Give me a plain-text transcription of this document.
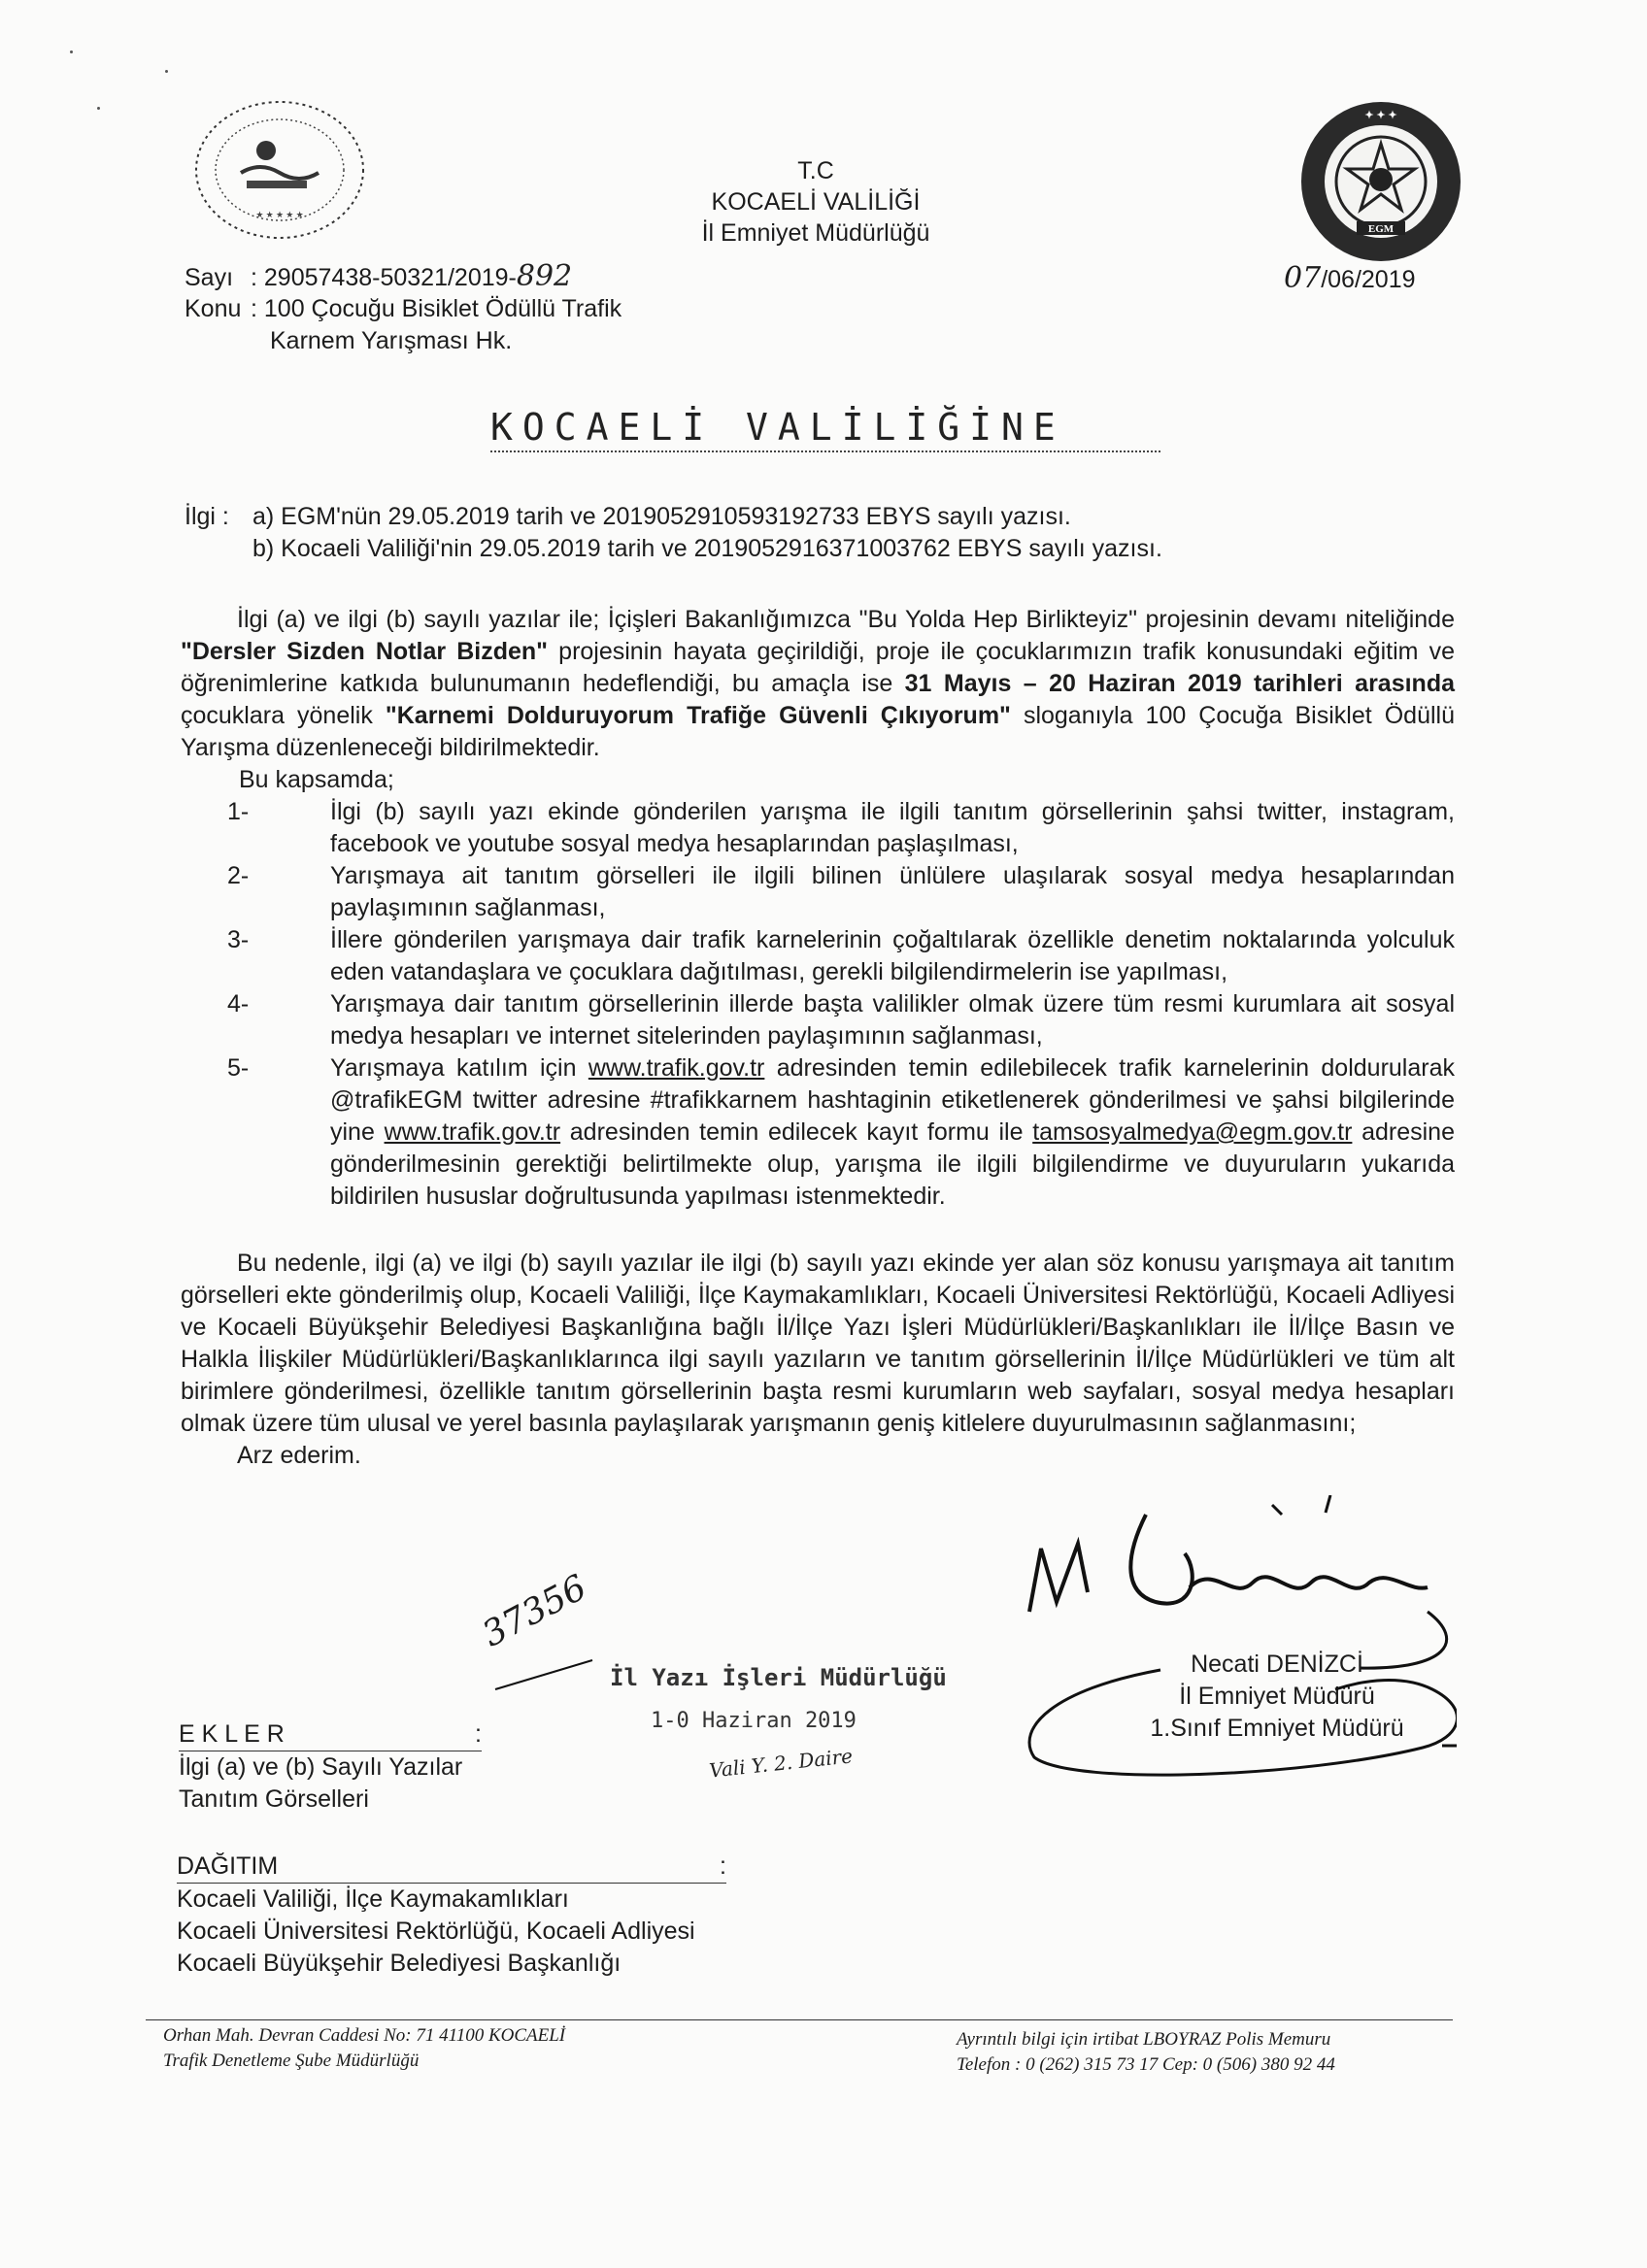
★ ★ ★ ★ ★
EGM
✦ ✦ ✦
T.C
KOCAELİ VALİLİĞİ
İl Emniyet Müdürlüğü
Sayı : 29057438-50321/2019-892
Konu : 100 Çocuğu Bisiklet Ödüllü Trafik
Karnem Yarışması Hk.
07/06/2019
KOCAELİ VALİLİĞİNE
İlgi : a) EGM'nün 29.05.2019 tarih ve 2019052910593192733 EBYS sayılı yazısı.
b) Kocaeli Valiliği'nin 29.05.2019 tarih ve 2019052916371003762 EBYS sayılı yazısı.

İlgi (a) ve ilgi (b) sayılı yazılar ile; İçişleri Bakanlığımızca "Bu Yolda Hep Birlikteyiz" projesinin devamı niteliğinde "Dersler Sizden Notlar Bizden" projesinin hayata geçirildiği, proje ile çocuklarımızın trafik konusundaki eğitim ve öğrenimlerine katkıda bulunumanın hedeflendiği, bu amaçla ise 31 Mayıs – 20 Haziran 2019 tarihleri arasında çocuklara yönelik "Karnemi Dolduruyorum Trafiğe Güvenli Çıkıyorum" sloganıyla 100 Çocuğa Bisiklet Ödüllü Yarışma düzenleneceği bildirilmektedir.

Bu kapsamda;

1-	İlgi (b) sayılı yazı ekinde gönderilen yarışma ile ilgili tanıtım görsellerinin şahsi twitter, instagram, facebook ve youtube sosyal medya hesaplarından paşlaşılması,
2-	Yarışmaya ait tanıtım görselleri ile ilgili bilinen ünlülere ulaşılarak sosyal medya hesaplarından paylaşımının sağlanması,
3-	İllere gönderilen yarışmaya dair trafik karnelerinin çoğaltılarak özellikle denetim noktalarında yolculuk eden vatandaşlara ve çocuklara dağıtılması, gerekli bilgilendirmelerin ise yapılması,
4-	Yarışmaya dair tanıtım görsellerinin illerde başta valilikler olmak üzere tüm resmi kurumlara ait sosyal medya hesapları ve internet sitelerinden paylaşımının sağlanması,
5-	Yarışmaya katılım için www.trafik.gov.tr adresinden temin edilebilecek trafik karnelerinin doldurularak @trafikEGM twitter adresine #trafikkarnem hashtaginin etiketlenerek gönderilmesi ve şahsi bilgilerinde yine www.trafik.gov.tr adresinden temin edilecek kayıt formu ile tamsosyalmedya@egm.gov.tr adresine gönderilmesinin gerektiği belirtilmekte olup, yarışma ile ilgili bilgilendirme ve duyuruların yukarıda bildirilen hususlar doğrultusunda yapılması istenmektedir.

Bu nedenle, ilgi (a) ve ilgi (b) sayılı yazılar ile ilgi (b) sayılı yazı ekinde yer alan söz konusu yarışmaya ait tanıtım görselleri ekte gönderilmiş olup, Kocaeli Valiliği, İlçe Kaymakamlıkları, Kocaeli Üniversitesi Rektörlüğü, Kocaeli Adliyesi ve Kocaeli Büyükşehir Belediyesi Başkanlığına bağlı İl/İlçe Yazı İşleri Müdürlükleri/Başkanlıkları ile İl/İlçe Basın ve Halkla İlişkiler Müdürlükleri/Başkanlıklarınca ilgi sayılı yazıların ve tanıtım görsellerinin İl/İlçe Müdürlükleri ve tüm alt birimlere gönderilmesi, özellikle tanıtım görsellerinin başta resmi kurumların web sayfaları, sosyal medya hesapları olmak üzere tüm ulusal ve yerel basınla paylaşılarak yarışmanın geniş kitlelere duyurulmasının sağlanmasını;

Arz ederim.

Necati DENİZCİ
İl Emniyet Müdürü
1.Sınıf Emniyet Müdürü
37356
İl Yazı İşleri Müdürlüğü
1-0 Haziran 2019
Vali Y. 2. Daire
E K L E R	:
İlgi (a) ve (b) Sayılı Yazılar
Tanıtım Görselleri
DAĞITIM	:
Kocaeli Valiliği, İlçe Kaymakamlıkları
Kocaeli Üniversitesi Rektörlüğü, Kocaeli Adliyesi
Kocaeli Büyükşehir Belediyesi Başkanlığı
Orhan Mah. Devran Caddesi No: 71 41100 KOCAELİ
Trafik Denetleme Şube Müdürlüğü
Ayrıntılı bilgi için irtibat LBOYRAZ Polis Memuru
Telefon : 0 (262) 315 73 17 Cep: 0 (506) 380 92 44
